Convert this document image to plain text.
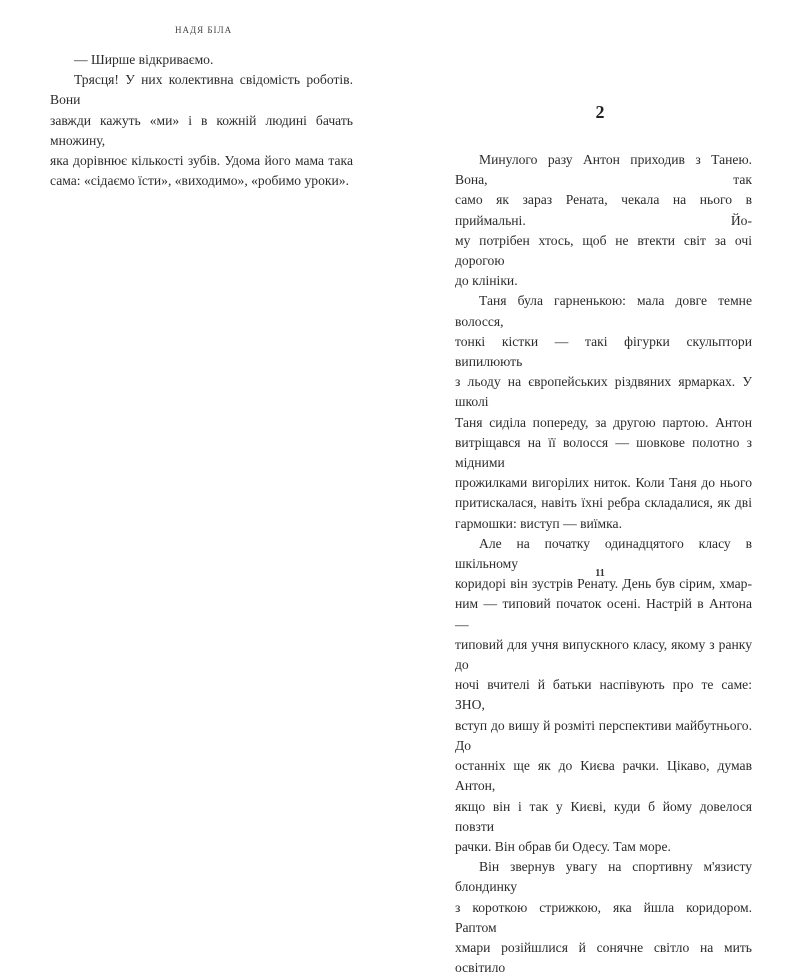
НАДЯ БІЛА
— Ширше відкриваємо.
Трясця! У них колективна свідомість роботів. Вони
завжди кажуть «ми» і в кожній людині бачать множину,
яка дорівнює кількості зубів. Удома його мама така
сама: «сідаємо їсти», «виходимо», «робимо уроки».
2
Минулого разу Антон приходив з Танею. Вона, так
само як зараз Рената, чекала на нього в приймальні. Йо-
му потрібен хтось, щоб не втекти світ за очі дорогою
до клініки.
Таня була гарненькою: мала довге темне волосся,
тонкі кістки — такі фігурки скульптори випилюють
з льоду на європейських різдвяних ярмарках. У школі
Таня сиділа попереду, за другою партою. Антон
витріщався на її волосся — шовкове полотно з мідними
прожилками вигорілих ниток. Коли Таня до нього
притискалася, навіть їхні ребра складалися, як дві
гармошки: виступ — виїмка.
Але на початку одинадцятого класу в шкільному
коридорі він зустрів Ренату. День був сірим, хмар-
ним — типовий початок осені. Настрій в Антона —
типовий для учня випускного класу, якому з ранку до
ночі вчителі й батьки наспівують про те саме: ЗНО,
вступ до вишу й розміті перспективи майбутнього. До
останніх ще як до Києва рачки. Цікаво, думав Антон,
якщо він і так у Києві, куди б йому довелося повзти
рачки. Він обрав би Одесу. Там море.
Він звернув увагу на спортивну м'язисту блондинку
з короткою стрижкою, яка йшла коридором. Раптом
хмари розійшлися й сонячне світло на мить освітило
11
